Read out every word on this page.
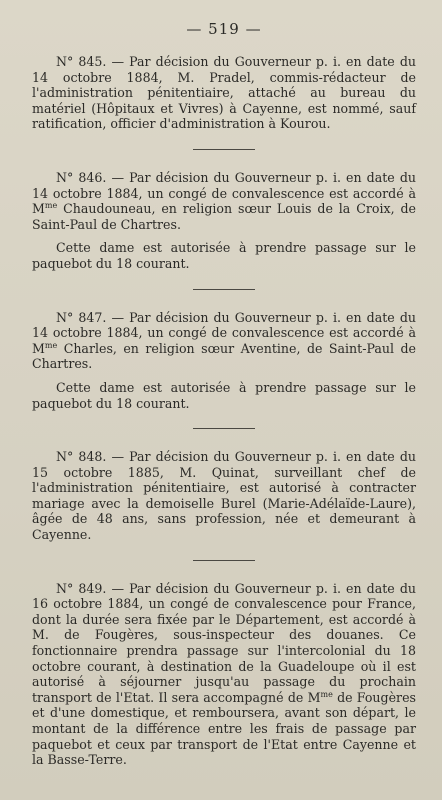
— 519 —

N° 845. — Par décision du Gouverneur p. i. en date du 14 octobre 1884, M. Pradel, commis-rédacteur de l'administration pénitentiaire, attaché au bureau du matériel (Hôpitaux et Vivres) à Cayenne, est nommé, sauf ratification, officier d'administration à Kourou.

N° 846. — Par décision du Gouverneur p. i. en date du 14 octobre 1884, un congé de convalescence est accordé à $M^{me}$ Chaudouneau, en religion sœur Louis de la Croix, de Saint-Paul de Chartres.

Cette dame est autorisée à prendre passage sur le paquebot du 18 courant.

N° 847. — Par décision du Gouverneur p. i. en date du 14 octobre 1884, un congé de convalescence est accordé à $M^{me}$ Charles, en religion sœur Aventine, de Saint-Paul de Chartres.

Cette dame est autorisée à prendre passage sur le paquebot du 18 courant.

N° 848. — Par décision du Gouverneur p. i. en date du 15 octobre 1885, M. Quinat, surveillant chef de l'administration pénitentiaire, est autorisé à contracter mariage avec la demoiselle Burel (Marie-Adélaïde-Laure), âgée de 48 ans, sans profession, née et demeurant à Cayenne.

N° 849. — Par décision du Gouverneur p. i. en date du 16 octobre 1884, un congé de convalescence pour France, dont la durée sera fixée par le Département, est accordé à M. de Fougères, sous-inspecteur des douanes. Ce fonctionnaire prendra passage sur l'intercolonial du 18 octobre courant, à destination de la Guadeloupe où il est autorisé à séjourner jusqu'au passage du prochain transport de l'Etat. Il sera accompagné de $M^{me}$ de Fougères et d'une domestique, et remboursera, avant son départ, le montant de la différence entre les frais de passage par paquebot et ceux par transport de l'Etat entre Cayenne et la Basse-Terre.
